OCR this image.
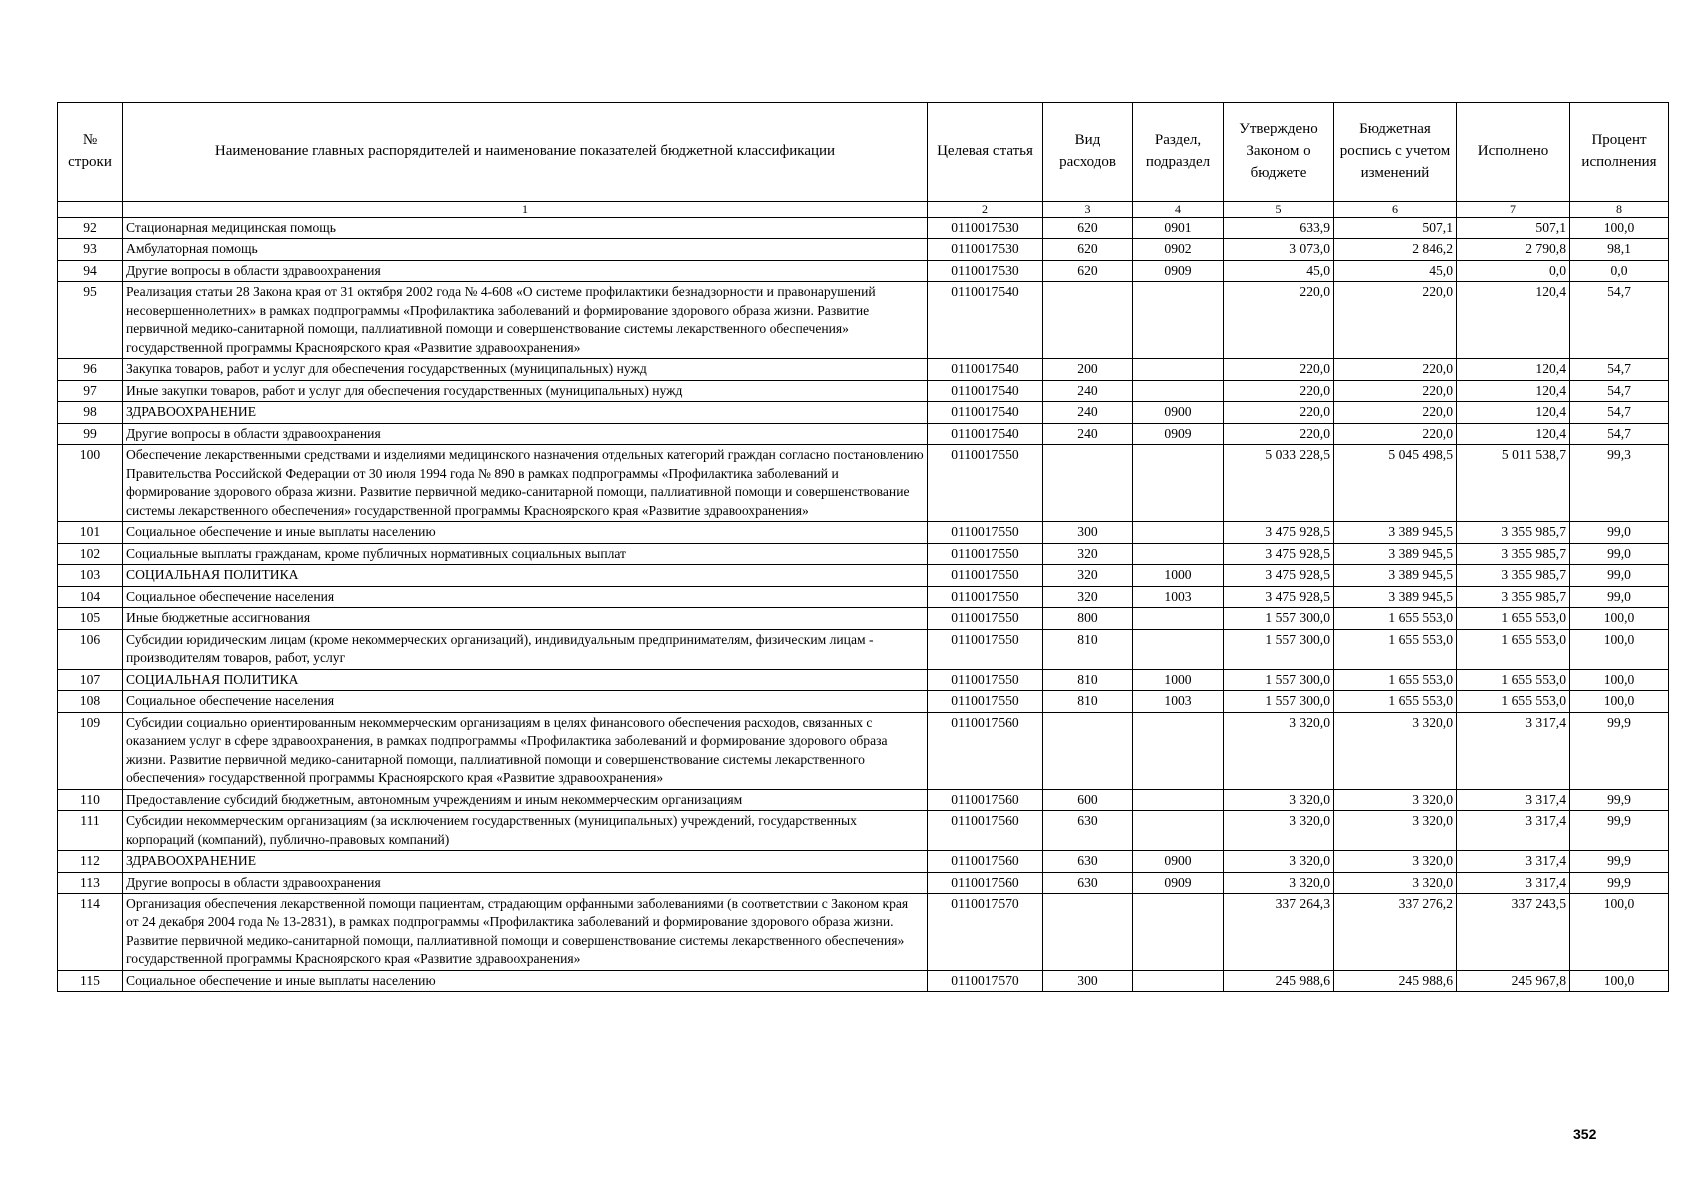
№ строки	Наименование главных распорядителей и наименование показателей бюджетной классификации	Целевая статья	Вид расходов	Раздел, подраздел	Утверждено Законом о бюджете	Бюджетная роспись с учетом изменений	Исполнено	Процент исполнения
	1	2	3	4	5	6	7	8
92	Стационарная медицинская помощь	0110017530	620	0901	633,9	507,1	507,1	100,0
93	Амбулаторная помощь	0110017530	620	0902	3 073,0	2 846,2	2 790,8	98,1
94	Другие вопросы в области здравоохранения	0110017530	620	0909	45,0	45,0	0,0	0,0
95	Реализация статьи 28 Закона края от 31 октября 2002 года № 4-608 «О системе профилактики безнадзорности и правонарушений несовершеннолетних» в рамках подпрограммы «Профилактика заболеваний и формирование здорового образа жизни. Развитие первичной медико-санитарной помощи, паллиативной помощи и совершенствование системы лекарственного обеспечения» государственной программы Красноярского края «Развитие здравоохранения»	0110017540			220,0	220,0	120,4	54,7
96	Закупка товаров, работ и услуг для обеспечения государственных (муниципальных) нужд	0110017540	200		220,0	220,0	120,4	54,7
97	Иные закупки товаров, работ и услуг для обеспечения государственных (муниципальных) нужд	0110017540	240		220,0	220,0	120,4	54,7
98	ЗДРАВООХРАНЕНИЕ	0110017540	240	0900	220,0	220,0	120,4	54,7
99	Другие вопросы в области здравоохранения	0110017540	240	0909	220,0	220,0	120,4	54,7
100	Обеспечение лекарственными средствами и изделиями медицинского назначения отдельных категорий граждан согласно постановлению Правительства Российской Федерации от 30 июля 1994 года № 890 в рамках подпрограммы «Профилактика заболеваний и формирование здорового образа жизни. Развитие первичной медико-санитарной помощи, паллиативной помощи и совершенствование системы лекарственного обеспечения» государственной программы Красноярского края «Развитие здравоохранения»	0110017550			5 033 228,5	5 045 498,5	5 011 538,7	99,3
101	Социальное обеспечение и иные выплаты населению	0110017550	300		3 475 928,5	3 389 945,5	3 355 985,7	99,0
102	Социальные выплаты гражданам, кроме публичных нормативных социальных выплат	0110017550	320		3 475 928,5	3 389 945,5	3 355 985,7	99,0
103	СОЦИАЛЬНАЯ ПОЛИТИКА	0110017550	320	1000	3 475 928,5	3 389 945,5	3 355 985,7	99,0
104	Социальное обеспечение населения	0110017550	320	1003	3 475 928,5	3 389 945,5	3 355 985,7	99,0
105	Иные бюджетные ассигнования	0110017550	800		1 557 300,0	1 655 553,0	1 655 553,0	100,0
106	Субсидии юридическим лицам (кроме некоммерческих организаций), индивидуальным предпринимателям, физическим лицам - производителям товаров, работ, услуг	0110017550	810		1 557 300,0	1 655 553,0	1 655 553,0	100,0
107	СОЦИАЛЬНАЯ ПОЛИТИКА	0110017550	810	1000	1 557 300,0	1 655 553,0	1 655 553,0	100,0
108	Социальное обеспечение населения	0110017550	810	1003	1 557 300,0	1 655 553,0	1 655 553,0	100,0
109	Субсидии социально ориентированным некоммерческим организациям в целях финансового обеспечения расходов, связанных с оказанием услуг в сфере здравоохранения, в рамках подпрограммы «Профилактика заболеваний и формирование здорового образа жизни. Развитие первичной медико-санитарной помощи, паллиативной помощи и совершенствование системы лекарственного обеспечения» государственной программы Красноярского края «Развитие здравоохранения»	0110017560			3 320,0	3 320,0	3 317,4	99,9
110	Предоставление субсидий бюджетным, автономным учреждениям и иным некоммерческим организациям	0110017560	600		3 320,0	3 320,0	3 317,4	99,9
111	Субсидии некоммерческим организациям (за исключением государственных (муниципальных) учреждений, государственных корпораций (компаний), публично-правовых компаний)	0110017560	630		3 320,0	3 320,0	3 317,4	99,9
112	ЗДРАВООХРАНЕНИЕ	0110017560	630	0900	3 320,0	3 320,0	3 317,4	99,9
113	Другие вопросы в области здравоохранения	0110017560	630	0909	3 320,0	3 320,0	3 317,4	99,9
114	Организация обеспечения лекарственной помощи пациентам, страдающим орфанными заболеваниями (в соответствии с Законом края от 24 декабря 2004 года № 13-2831), в рамках подпрограммы «Профилактика заболеваний и формирование здорового образа жизни. Развитие первичной медико-санитарной помощи, паллиативной помощи и совершенствование системы лекарственного обеспечения» государственной программы Красноярского края «Развитие здравоохранения»	0110017570			337 264,3	337 276,2	337 243,5	100,0
115	Социальное обеспечение и иные выплаты населению	0110017570	300		245 988,6	245 988,6	245 967,8	100,0
352
